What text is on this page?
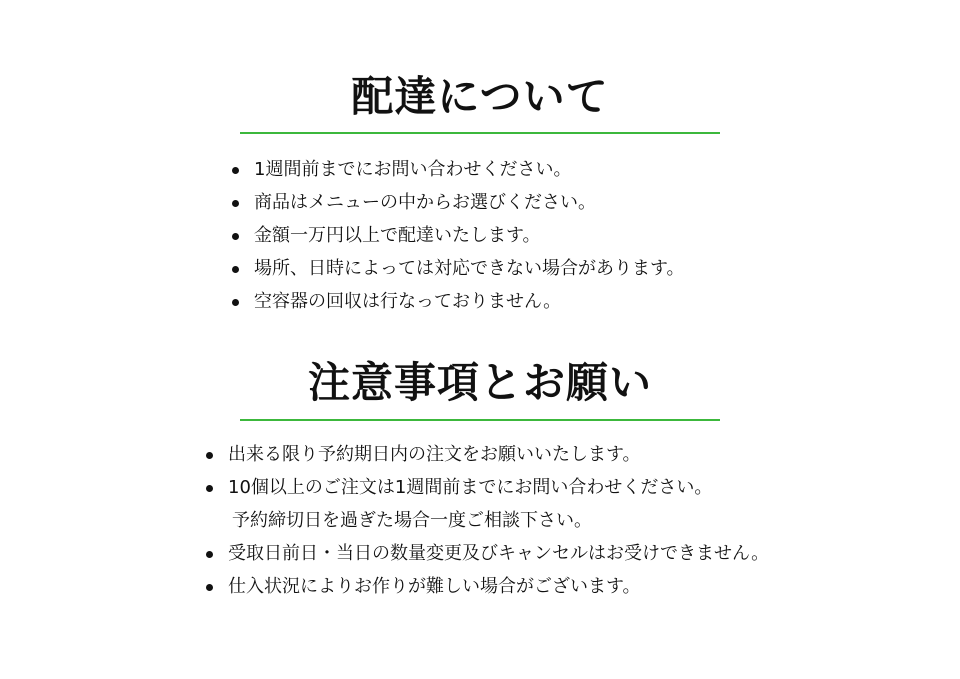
配達について
1週間前までにお問い合わせください。
商品はメニューの中からお選びください。
金額一万円以上で配達いたします。
場所、日時によっては対応できない場合があります。
空容器の回収は行なっておりません。
注意事項とお願い
出来る限り予約期日内の注文をお願いいたします。
10個以上のご注文は1週間前までにお問い合わせください。
予約締切日を過ぎた場合一度ご相談下さい。
受取日前日・当日の数量変更及びキャンセルはお受けできません。
仕入状況によりお作りが難しい場合がございます。
